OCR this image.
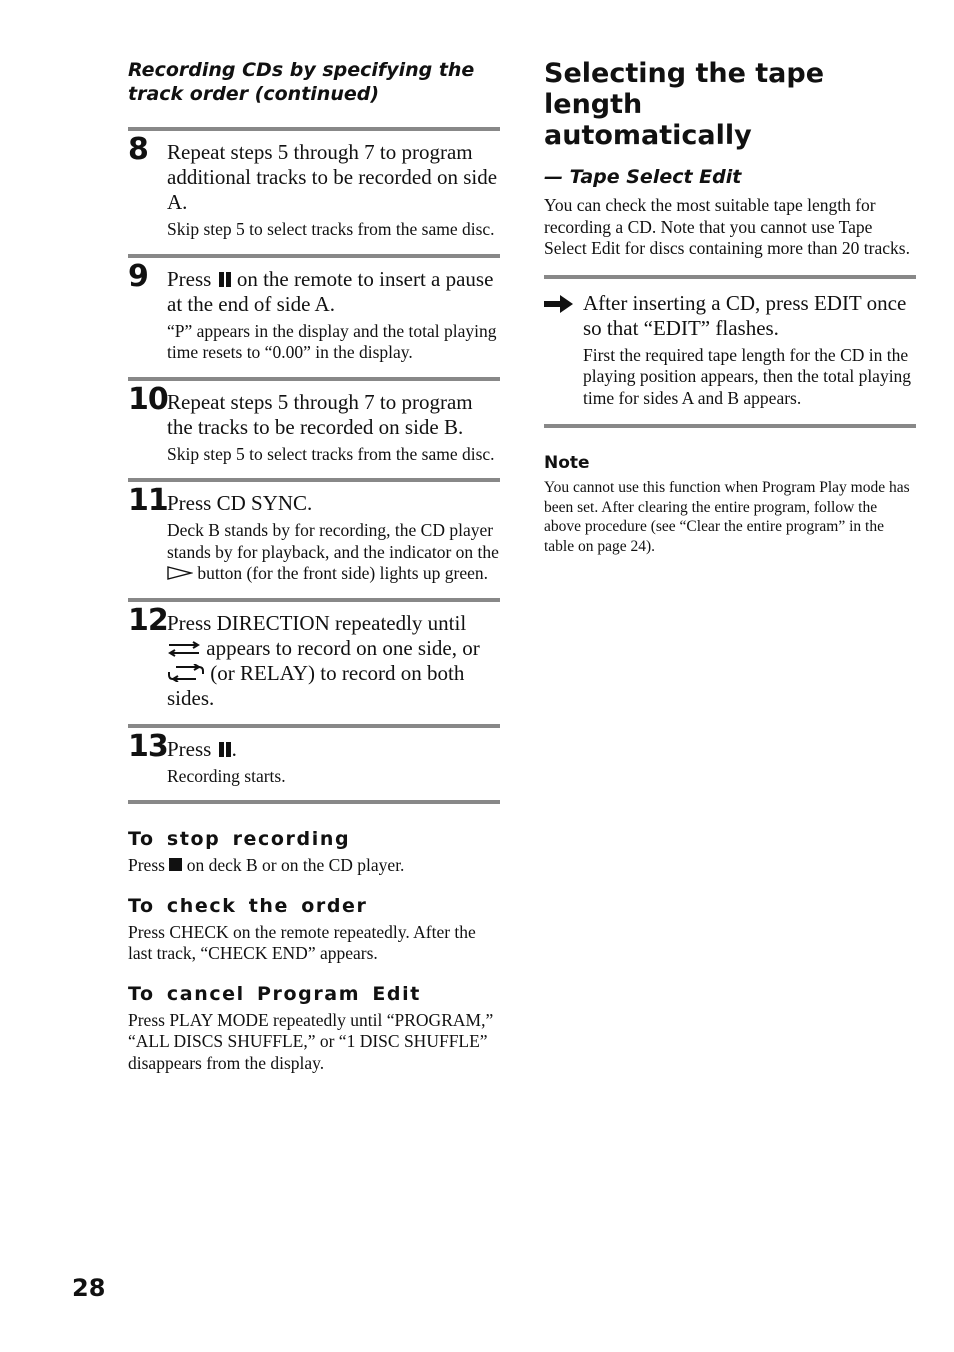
Recording CDs by specifying the
track order (continued)

8 Repeat steps 5 through 7 to program additional tracks to be recorded on side A.

Skip step 5 to select tracks from the same disc.

9 Press on the remote to insert a pause at the end of side A.

“P” appears in the display and the total playing time resets to “0.00” in the display.

10 Repeat steps 5 through 7 to program the tracks to be recorded on side B.

Skip step 5 to select tracks from the same disc.

11 Press CD SYNC.

Deck B stands by for recording, the CD player stands by for playback, and the indicator on the  button (for the front side) lights up green.

12 Press DIRECTION repeatedly until  appears to record on one side, or  (or RELAY) to record on both sides.

13 Press .

Recording starts.

To stop recording

Press on deck B or on the CD player.

To check the order

Press CHECK on the remote repeatedly. After the last track, “CHECK END” appears.

To cancel Program Edit

Press PLAY MODE repeatedly until “PROGRAM,” “ALL DISCS SHUFFLE,” or “1 DISC SHUFFLE” disappears from the display.

Selecting the tape length
automatically

— Tape Select Edit

You can check the most suitable tape length for recording a CD. Note that you cannot use Tape Select Edit for discs containing more than 20 tracks.

After inserting a CD, press EDIT once so that “EDIT” flashes.

First the required tape length for the CD in the playing position appears, then the total playing time for sides A and B appears.

Note

You cannot use this function when Program Play mode has been set. After clearing the entire program, follow the above procedure (see “Clear the entire program” in the table on page 24).

28
